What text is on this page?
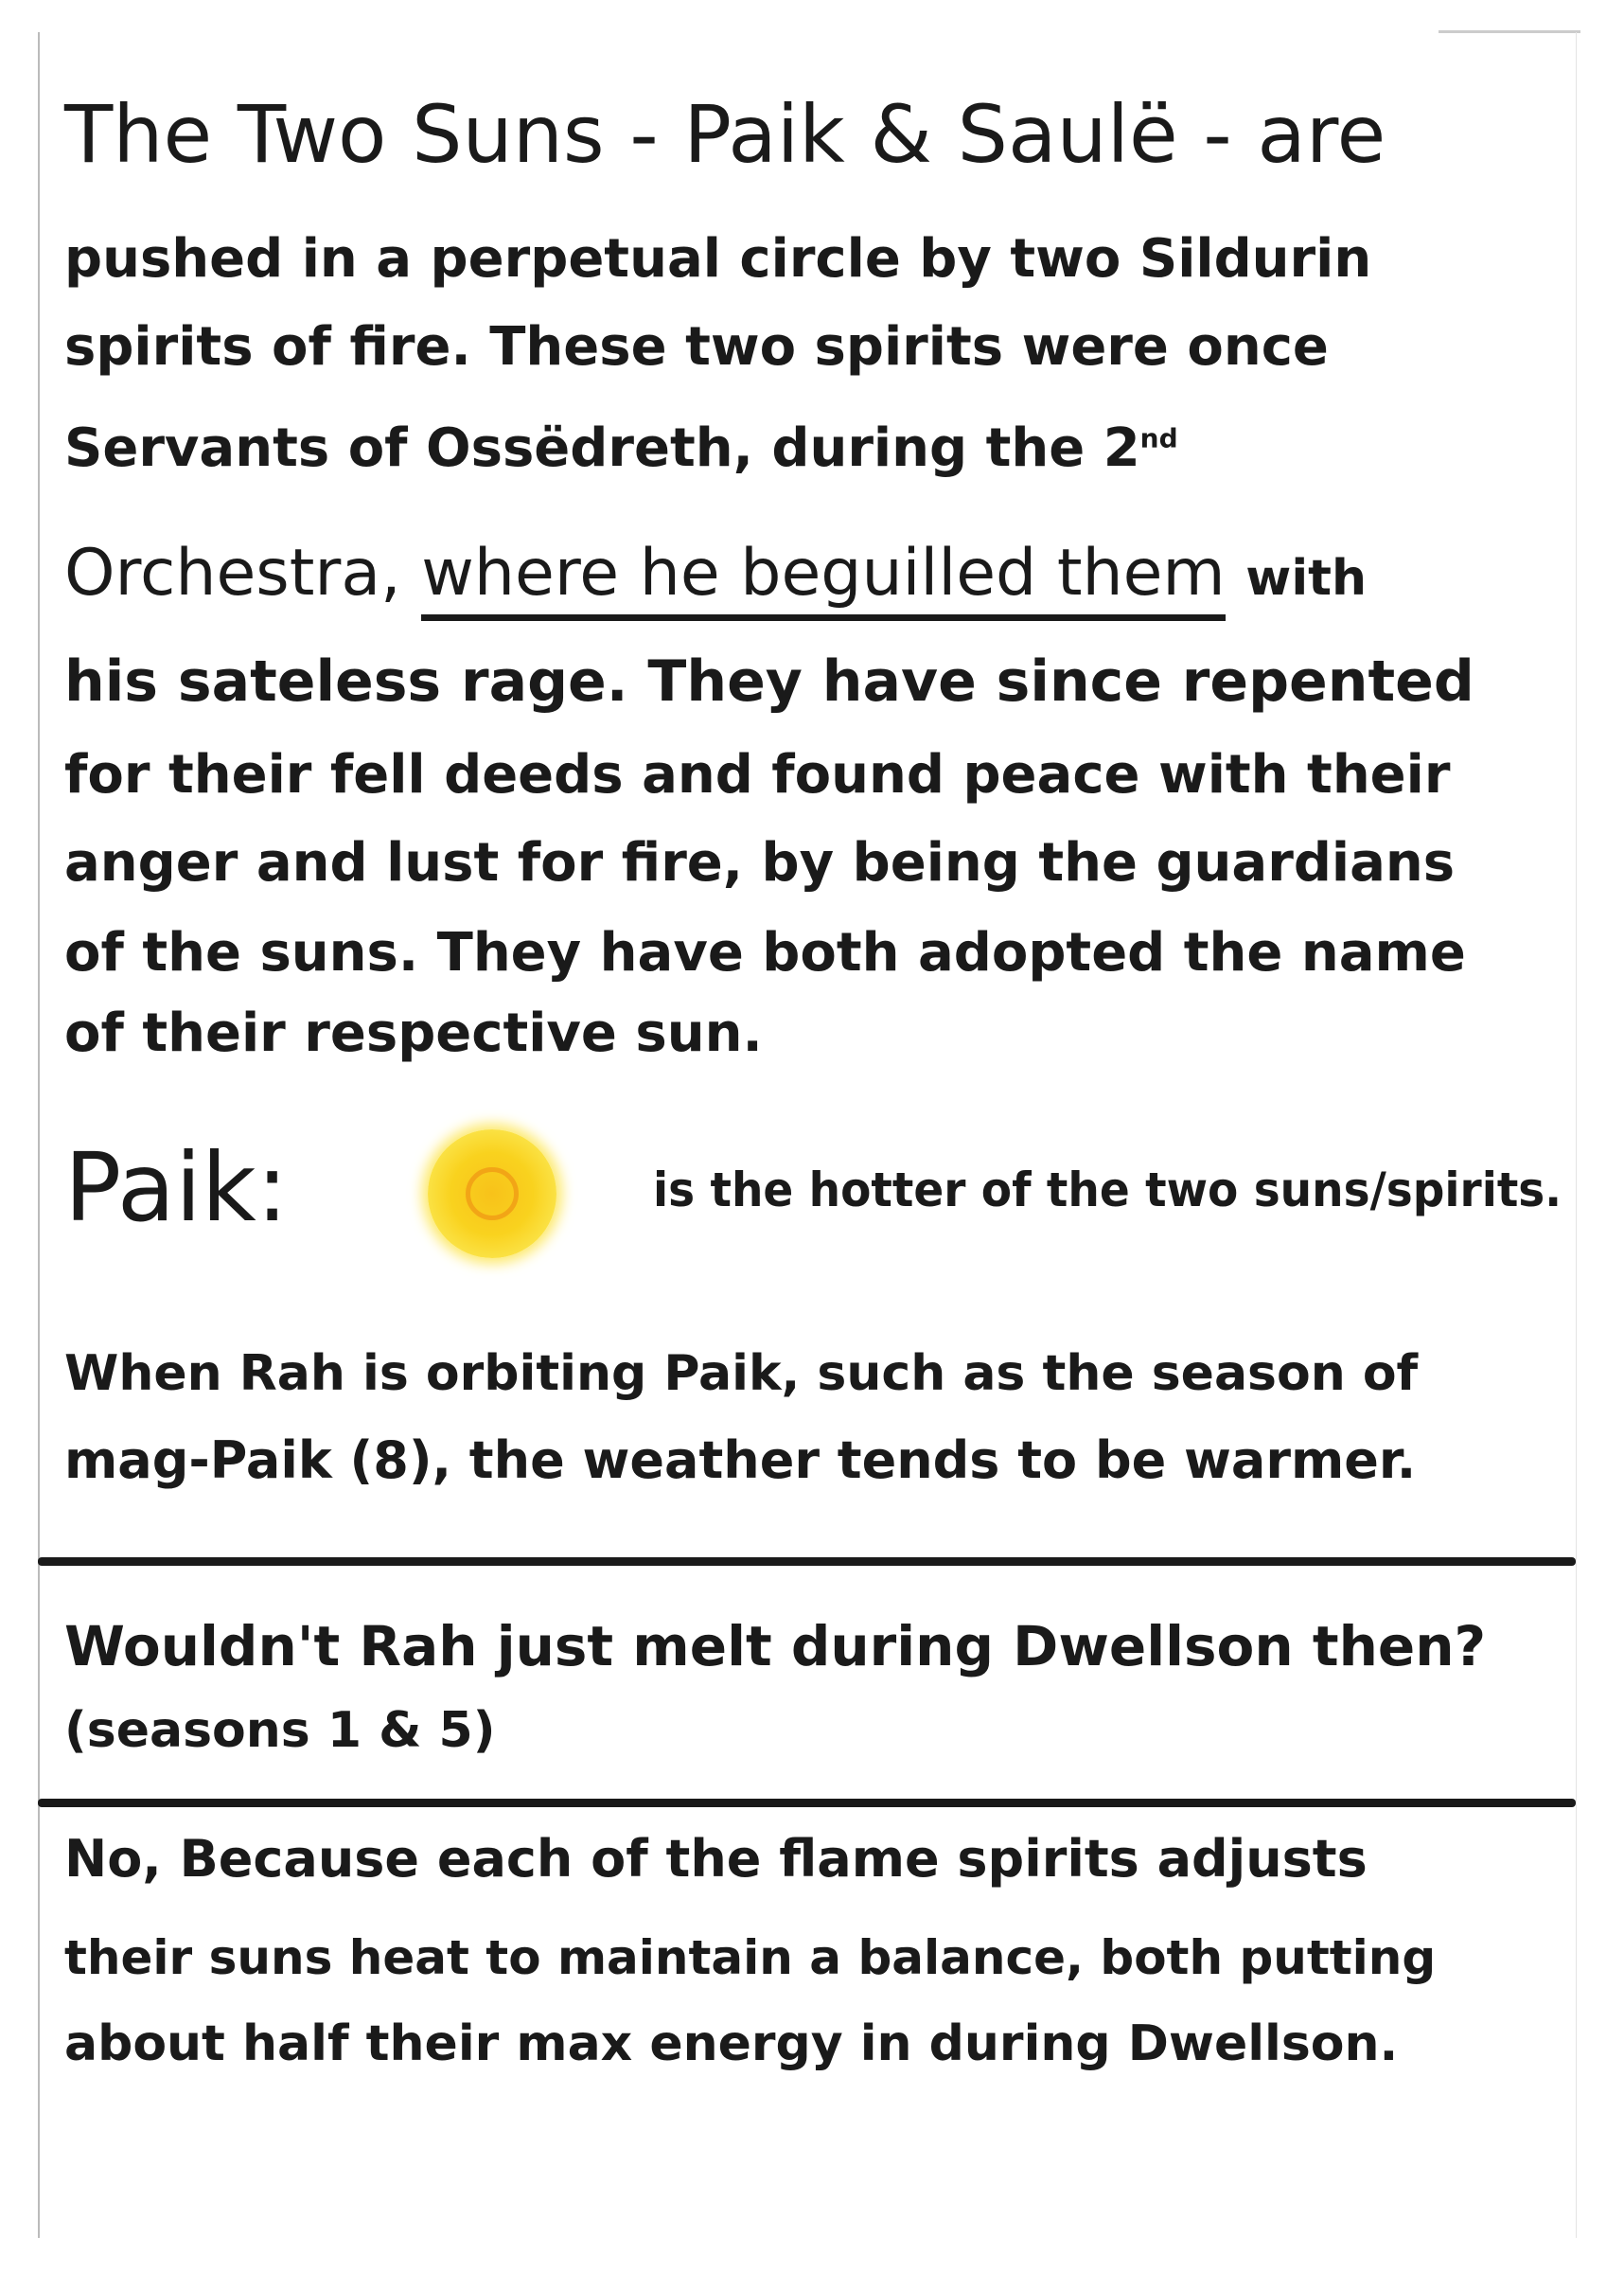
The Two Suns - Paik & Saulë - are
pushed in a perpetual circle by two Sildurin
spirits of fire. These two spirits were once
Servants of Ossëdreth, during the 2nd
Orchestra, where he beguilled them with
his sateless rage. They have since repented
for their fell deeds and found peace with their
anger and lust for fire, by being the guardians
of the suns. They have both adopted the name
of their respective sun.
Paik:	is the hotter of the two suns/spirits.
When Rah is orbiting Paik, such as the season of
mag-Paik (8), the weather tends to be warmer.
Wouldn't Rah just melt during Dwellson then?
(seasons 1 & 5)
No, Because each of the flame spirits adjusts
their suns heat to maintain a balance, both putting
about half their max energy in during Dwellson.
